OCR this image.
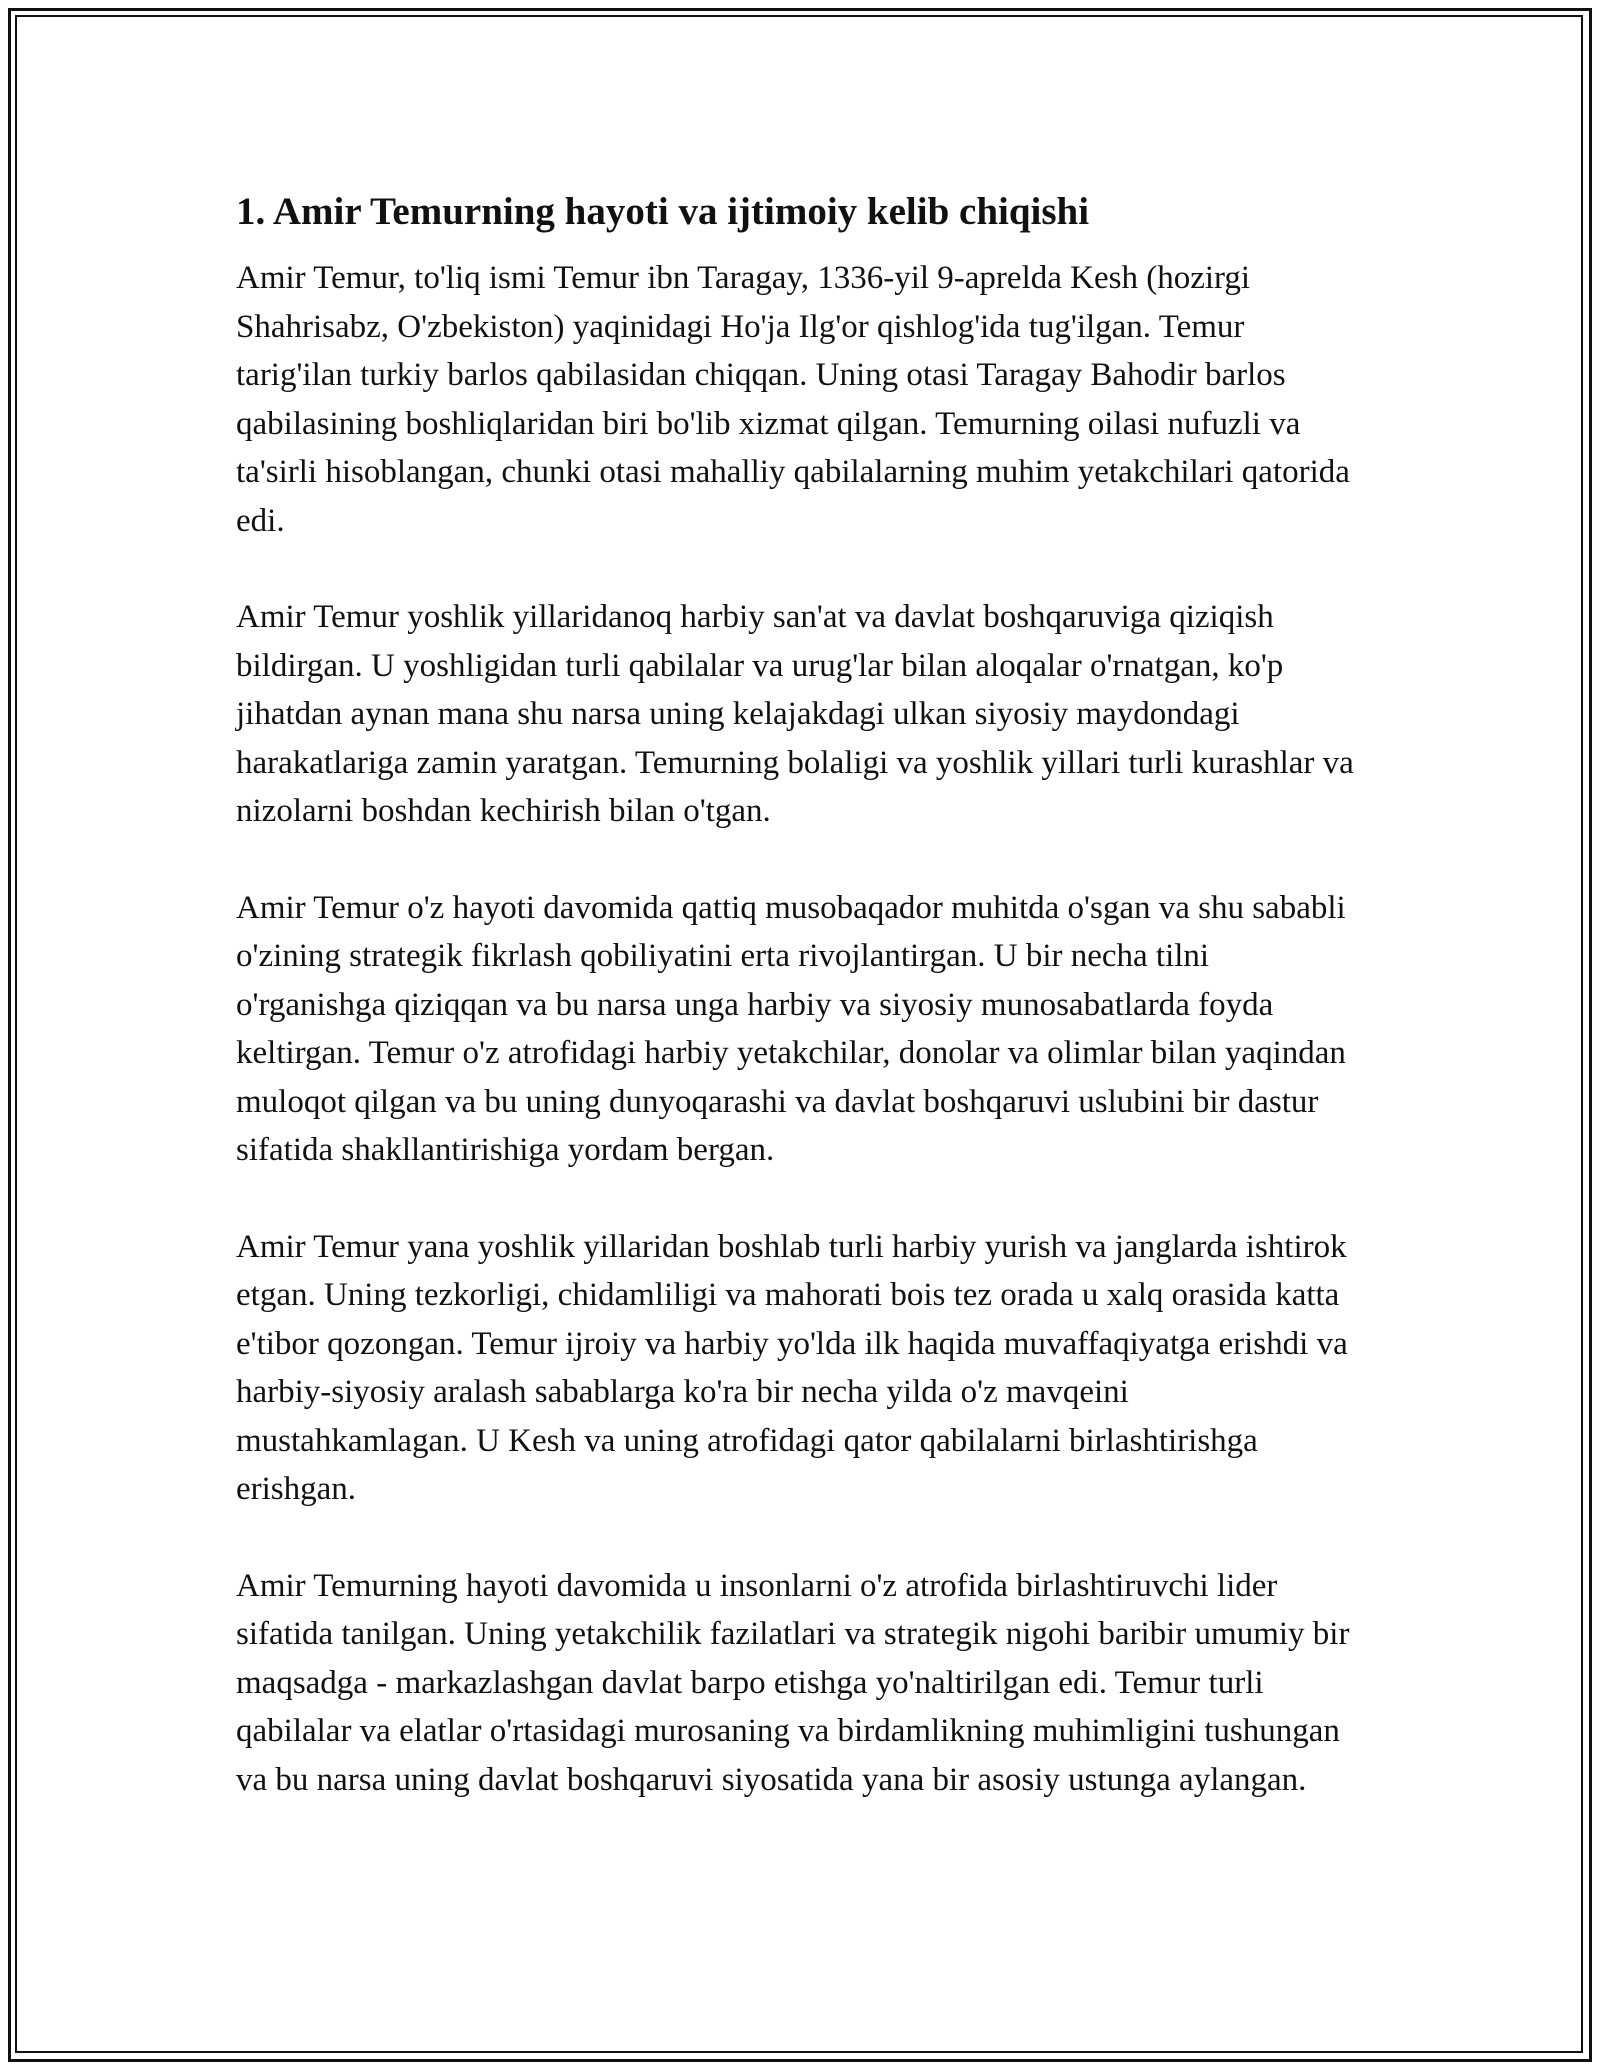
1. Amir Temurning hayoti va ijtimoiy kelib chiqishi

Amir Temur, to'liq ismi Temur ibn Taragay, 1336-yil 9-aprelda Kesh (hozirgi Shahrisabz, O'zbekiston) yaqinidagi Ho'ja Ilg'or qishlog'ida tug'ilgan. Temur tarig'ilan turkiy barlos qabilasidan chiqqan. Uning otasi Taragay Bahodir barlos qabilasining boshliqlaridan biri bo'lib xizmat qilgan. Temurning oilasi nufuzli va ta'sirli hisoblangan, chunki otasi mahalliy qabilalarning muhim yetakchilari qatorida edi.

Amir Temur yoshlik yillaridanoq harbiy san'at va davlat boshqaruviga qiziqish bildirgan. U yoshligidan turli qabilalar va urug'lar bilan aloqalar o'rnatgan, ko'p jihatdan aynan mana shu narsa uning kelajakdagi ulkan siyosiy maydondagi harakatlariga zamin yaratgan. Temurning bolaligi va yoshlik yillari turli kurashlar va nizolarni boshdan kechirish bilan o'tgan.

Amir Temur o'z hayoti davomida qattiq musobaqador muhitda o'sgan va shu sababli o'zining strategik fikrlash qobiliyatini erta rivojlantirgan. U bir necha tilni o'rganishga qiziqqan va bu narsa unga harbiy va siyosiy munosabatlarda foyda keltirgan. Temur o'z atrofidagi harbiy yetakchilar, donolar va olimlar bilan yaqindan muloqot qilgan va bu uning dunyoqarashi va davlat boshqaruvi uslubini bir dastur sifatida shakllantirishiga yordam bergan.

Amir Temur yana yoshlik yillaridan boshlab turli harbiy yurish va janglarda ishtirok etgan. Uning tezkorligi, chidamliligi va mahorati bois tez orada u xalq orasida katta e'tibor qozongan. Temur ijroiy va harbiy yo'lda ilk haqida muvaffaqiyatga erishdi va harbiy-siyosiy aralash sabablarga ko'ra bir necha yilda o'z mavqeini mustahkamlagan. U Kesh va uning atrofidagi qator qabilalarni birlashtirishga erishgan.

Amir Temurning hayoti davomida u insonlarni o'z atrofida birlashtiruvchi lider sifatida tanilgan. Uning yetakchilik fazilatlari va strategik nigohi baribir umumiy bir maqsadga - markazlashgan davlat barpo etishga yo'naltirilgan edi. Temur turli qabilalar va elatlar o'rtasidagi murosaning va birdamlikning muhimligini tushungan va bu narsa uning davlat boshqaruvi siyosatida yana bir asosiy ustunga aylangan.
